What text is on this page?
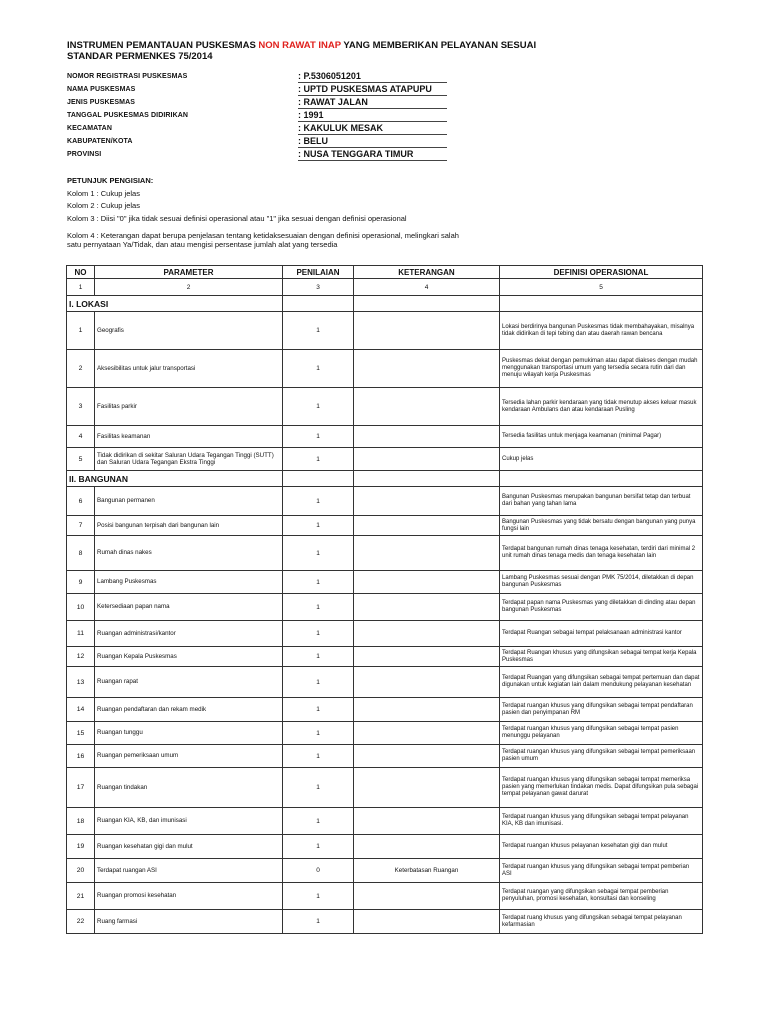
INSTRUMEN PEMANTAUAN PUSKESMAS NON RAWAT INAP YANG MEMBERIKAN PELAYANAN SESUAI
STANDAR PERMENKES 75/2014
NOMOR REGISTRASI PUSKESMAS	: P.5306051201
NAMA PUSKESMAS	: UPTD PUSKESMAS ATAPUPU
JENIS PUSKESMAS	: RAWAT JALAN
TANGGAL PUSKESMAS DIDIRIKAN	: 1991
KECAMATAN	: KAKULUK MESAK
KABUPATEN/KOTA	: BELU
PROVINSI	: NUSA TENGGARA TIMUR
PETUNJUK PENGISIAN:
Kolom 1 : Cukup jelas
Kolom 2 : Cukup jelas
Kolom 3 : Diisi "0" jika tidak sesuai definisi operasional atau "1" jika sesuai dengan definisi operasional
Kolom 4 : Keterangan dapat berupa penjelasan tentang ketidaksesuaian dengan definisi operasional, melingkari salah
satu pernyataan Ya/Tidak, dan atau mengisi persentase jumlah alat yang tersedia
NO	PARAMETER	PENILAIAN	KETERANGAN	DEFINISI OPERASIONAL
1	2	3	4	5
I. LOKASI				
1	Geografis	1		Lokasi berdirinya bangunan Puskesmas tidak membahayakan, misalnya tidak didirikan di tepi tebing dan atau daerah rawan bencana
2	Aksesibilitas untuk jalur transportasi	1		Puskesmas dekat dengan pemukiman atau dapat diakses dengan mudah menggunakan transportasi umum yang tersedia secara rutin dari dan menuju wilayah kerja Puskesmas
3	Fasilitas parkir	1		Tersedia lahan parkir kendaraan yang tidak menutup akses keluar masuk kendaraan Ambulans dan atau kendaraan Pusling
4	Fasilitas keamanan	1		Tersedia fasilitas untuk menjaga keamanan (minimal Pagar)
5	Tidak didirikan di sekitar Saluran Udara Tegangan Tinggi (SUTT) dan Saluran Udara Tegangan Ekstra Tinggi	1		Cukup jelas
II. BANGUNAN				
6	Bangunan permanen	1		Bangunan Puskesmas merupakan bangunan bersifat tetap dan terbuat dari bahan yang tahan lama
7	Posisi bangunan terpisah dari bangunan lain	1		Bangunan Puskesmas yang tidak bersatu dengan bangunan yang punya fungsi lain
8	Rumah dinas nakes	1		Terdapat bangunan rumah dinas tenaga kesehatan, terdiri dari minimal 2 unit rumah dinas tenaga medis dan tenaga kesehatan lain
9	Lambang Puskesmas	1		Lambang Puskesmas sesuai dengan PMK 75/2014, diletakkan di depan bangunan Puskesmas
10	Ketersediaan papan nama	1		Terdapat papan nama Puskesmas yang diletakkan di dinding atau depan bangunan Puskesmas
11	Ruangan administrasi/kantor	1		Terdapat Ruangan sebagai tempat pelaksanaan administrasi kantor
12	Ruangan Kepala Puskesmas	1		Terdapat Ruangan khusus yang difungsikan sebagai tempat kerja Kepala Puskesmas
13	Ruangan rapat	1		Terdapat Ruangan yang difungsikan sebagai tempat pertemuan dan dapat digunakan untuk kegiatan lain dalam mendukung pelayanan kesehatan
14	Ruangan pendaftaran dan rekam medik	1		Terdapat ruangan khusus yang difungsikan sebagai tempat pendaftaran pasien dan penyimpanan RM
15	Ruangan tunggu	1		Terdapat ruangan khusus yang difungsikan sebagai tempat pasien menunggu pelayanan
16	Ruangan pemeriksaan umum	1		Terdapat ruangan khusus yang difungsikan sebagai tempat pemeriksaan pasien umum
17	Ruangan tindakan	1		Terdapat ruangan khusus yang difungsikan sebagai tempat memeriksa pasien yang memerlukan tindakan medis. Dapat difungsikan pula sebagai tempat pelayanan gawat darurat
18	Ruangan KIA, KB, dan imunisasi	1		Terdapat ruangan khusus yang difungsikan sebagai tempat pelayanan KIA, KB dan imunisasi.
19	Ruangan kesehatan gigi dan mulut	1		Terdapat ruangan khusus pelayanan kesehatan gigi dan mulut
20	Terdapat ruangan ASI	0	Keterbatasan Ruangan	Terdapat ruangan khusus yang difungsikan sebagai tempat pemberian ASI
21	Ruangan promosi kesehatan	1		Terdapat ruangan yang difungsikan sebagai tempat pemberian penyuluhan, promosi kesehatan, konsultasi dan konseling
22	Ruang farmasi	1		Terdapat ruang khusus yang difungsikan sebagai tempat pelayanan kefarmasian
